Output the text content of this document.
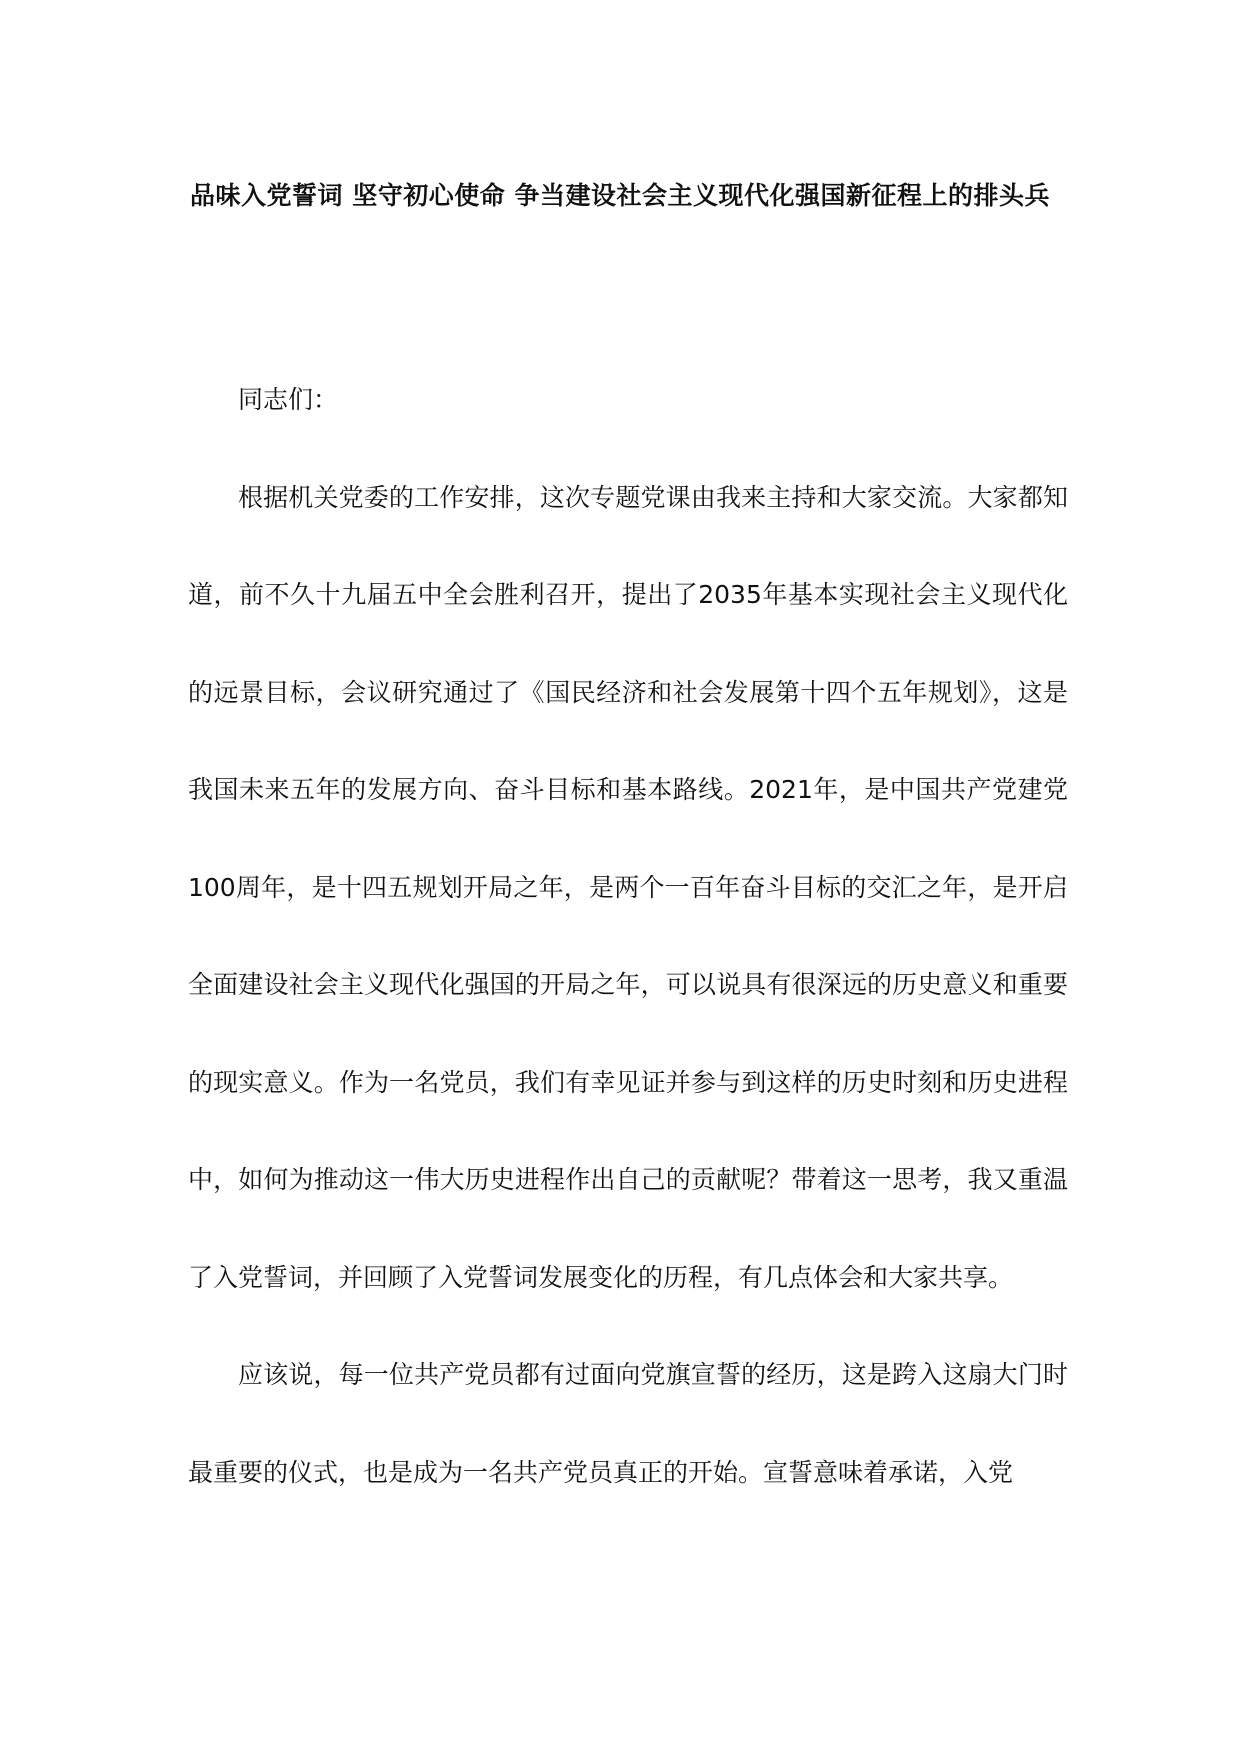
品味入党誓词 坚守初心使命 争当建设社会主义现代化强国新征程上的排头兵

同志们：

根据机关党委的工作安排，这次专题党课由我来主持和大家交流。大家都知道，前不久十九届五中全会胜利召开，提出了2035年基本实现社会主义现代化的远景目标，会议研究通过了《国民经济和社会发展第十四个五年规划》，这是我国未来五年的发展方向、奋斗目标和基本路线。2021年，是中国共产党建党100周年，是十四五规划开局之年，是两个一百年奋斗目标的交汇之年，是开启全面建设社会主义现代化强国的开局之年，可以说具有很深远的历史意义和重要的现实意义。作为一名党员，我们有幸见证并参与到这样的历史时刻和历史进程中，如何为推动这一伟大历史进程作出自己的贡献呢？带着这一思考，我又重温了入党誓词，并回顾了入党誓词发展变化的历程，有几点体会和大家共享。

应该说，每一位共产党员都有过面向党旗宣誓的经历，这是跨入这扇大门时最重要的仪式，也是成为一名共产党员真正的开始。宣誓意味着承诺，入党
